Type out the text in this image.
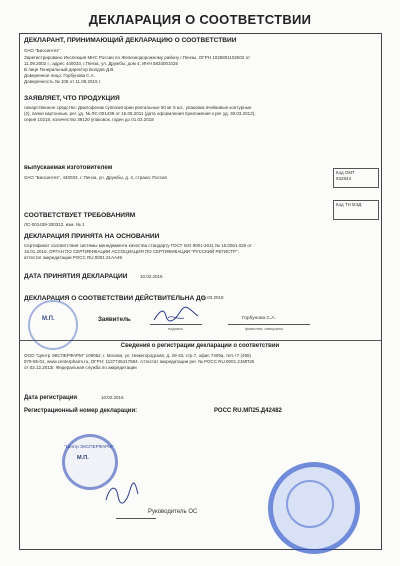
ДЕКЛАРАЦИЯ О СООТВЕТСТВИИ
ДЕКЛАРАНТ, ПРИНИМАЮЩИЙ ДЕКЛАРАЦИЮ О СООТВЕТСТВИИ
ОАО "Биосинтез"
Зарегистрировано Инспекция МНС России по Железнодорожному району г.Пензы, ОГРН 1025801102502 от
11.09.2002 г., адрес 440033, г.Пенза, ул. Дружбы, дом 4, ИНН 5834001025
В лице Генеральный директор Болдов Д.В.
Доверенное лицо: Горбунова С.А.
Доверенность № 108 от 11.08.2015 г.
ЗАЯВЛЯЕТ, ЧТО ПРОДУКЦИЯ
лекарственное средство: Диклофенак суппозитории ректальные 50 мг 5 шт., упаковка ячейковые контурные
(2), пачки картонные, рег. уд. № ЛС-001439 от 15.05.2011 (дата оформления приложения к рег уд. 30.03.2012),
серия 10218, количество 39120 упаковок, годен до 01.03.2018
выпускаемая изготовителем
ОАО "Биосинтез", 440033, г. Пенза, ул. Дружбы, д. 4, страна: Россия
Код ОКП
932843
Код ТН ВЭД
СООТВЕТСТВУЕТ ТРЕБОВАНИЯМ
ЛС-001439-300312, изм. № 1
ДЕКЛАРАЦИЯ ПРИНЯТА НА ОСНОВАНИИ
Сертификат соответствия системы менеджмента качества стандарту ГОСТ ISO 9001-2011 № 15.0061.026 от
16.01.2015, ОРГАН ПО СЕРТИФИКАЦИИ АССОЦИАЦИЯ ПО СЕРТИФИКАЦИИ "РУССКИЙ РЕГИСТР",
аттестат аккредитации РОСС RU.0001.21АА45
ДАТА ПРИНЯТИЯ ДЕКЛАРАЦИИ	10.02.2016
ДЕКЛАРАЦИЯ О СООТВЕТСТВИИ ДЕЙСТВИТЕЛЬНА ДО
01.03.2018
М.П.	Заявитель
подпись
Горбунова С.А.
фамилия, инициалы
Сведения о регистрации декларации о соответствии
ООО "Центр ЭКСПЕРФАРМ" 109052, г. Москва, ул. Нижегородская, д. 29-33, стр.7, офис 7409а, тел.+7 (495)
979-55-01, www.centerpharm.ru, ОГРН: 1137746417584. Аттестат аккредитации рег. № РОСС RU.0001.21МП25
от 02.12.2013г. Федеральная служба по аккредитации
Дата регистрации	10.02.2016
Регистрационный номер декларации:	РОСС RU.МП25.Д42482
"Центр ЭКСПЕРФАРМ"
М.П.
Руководитель ОС
